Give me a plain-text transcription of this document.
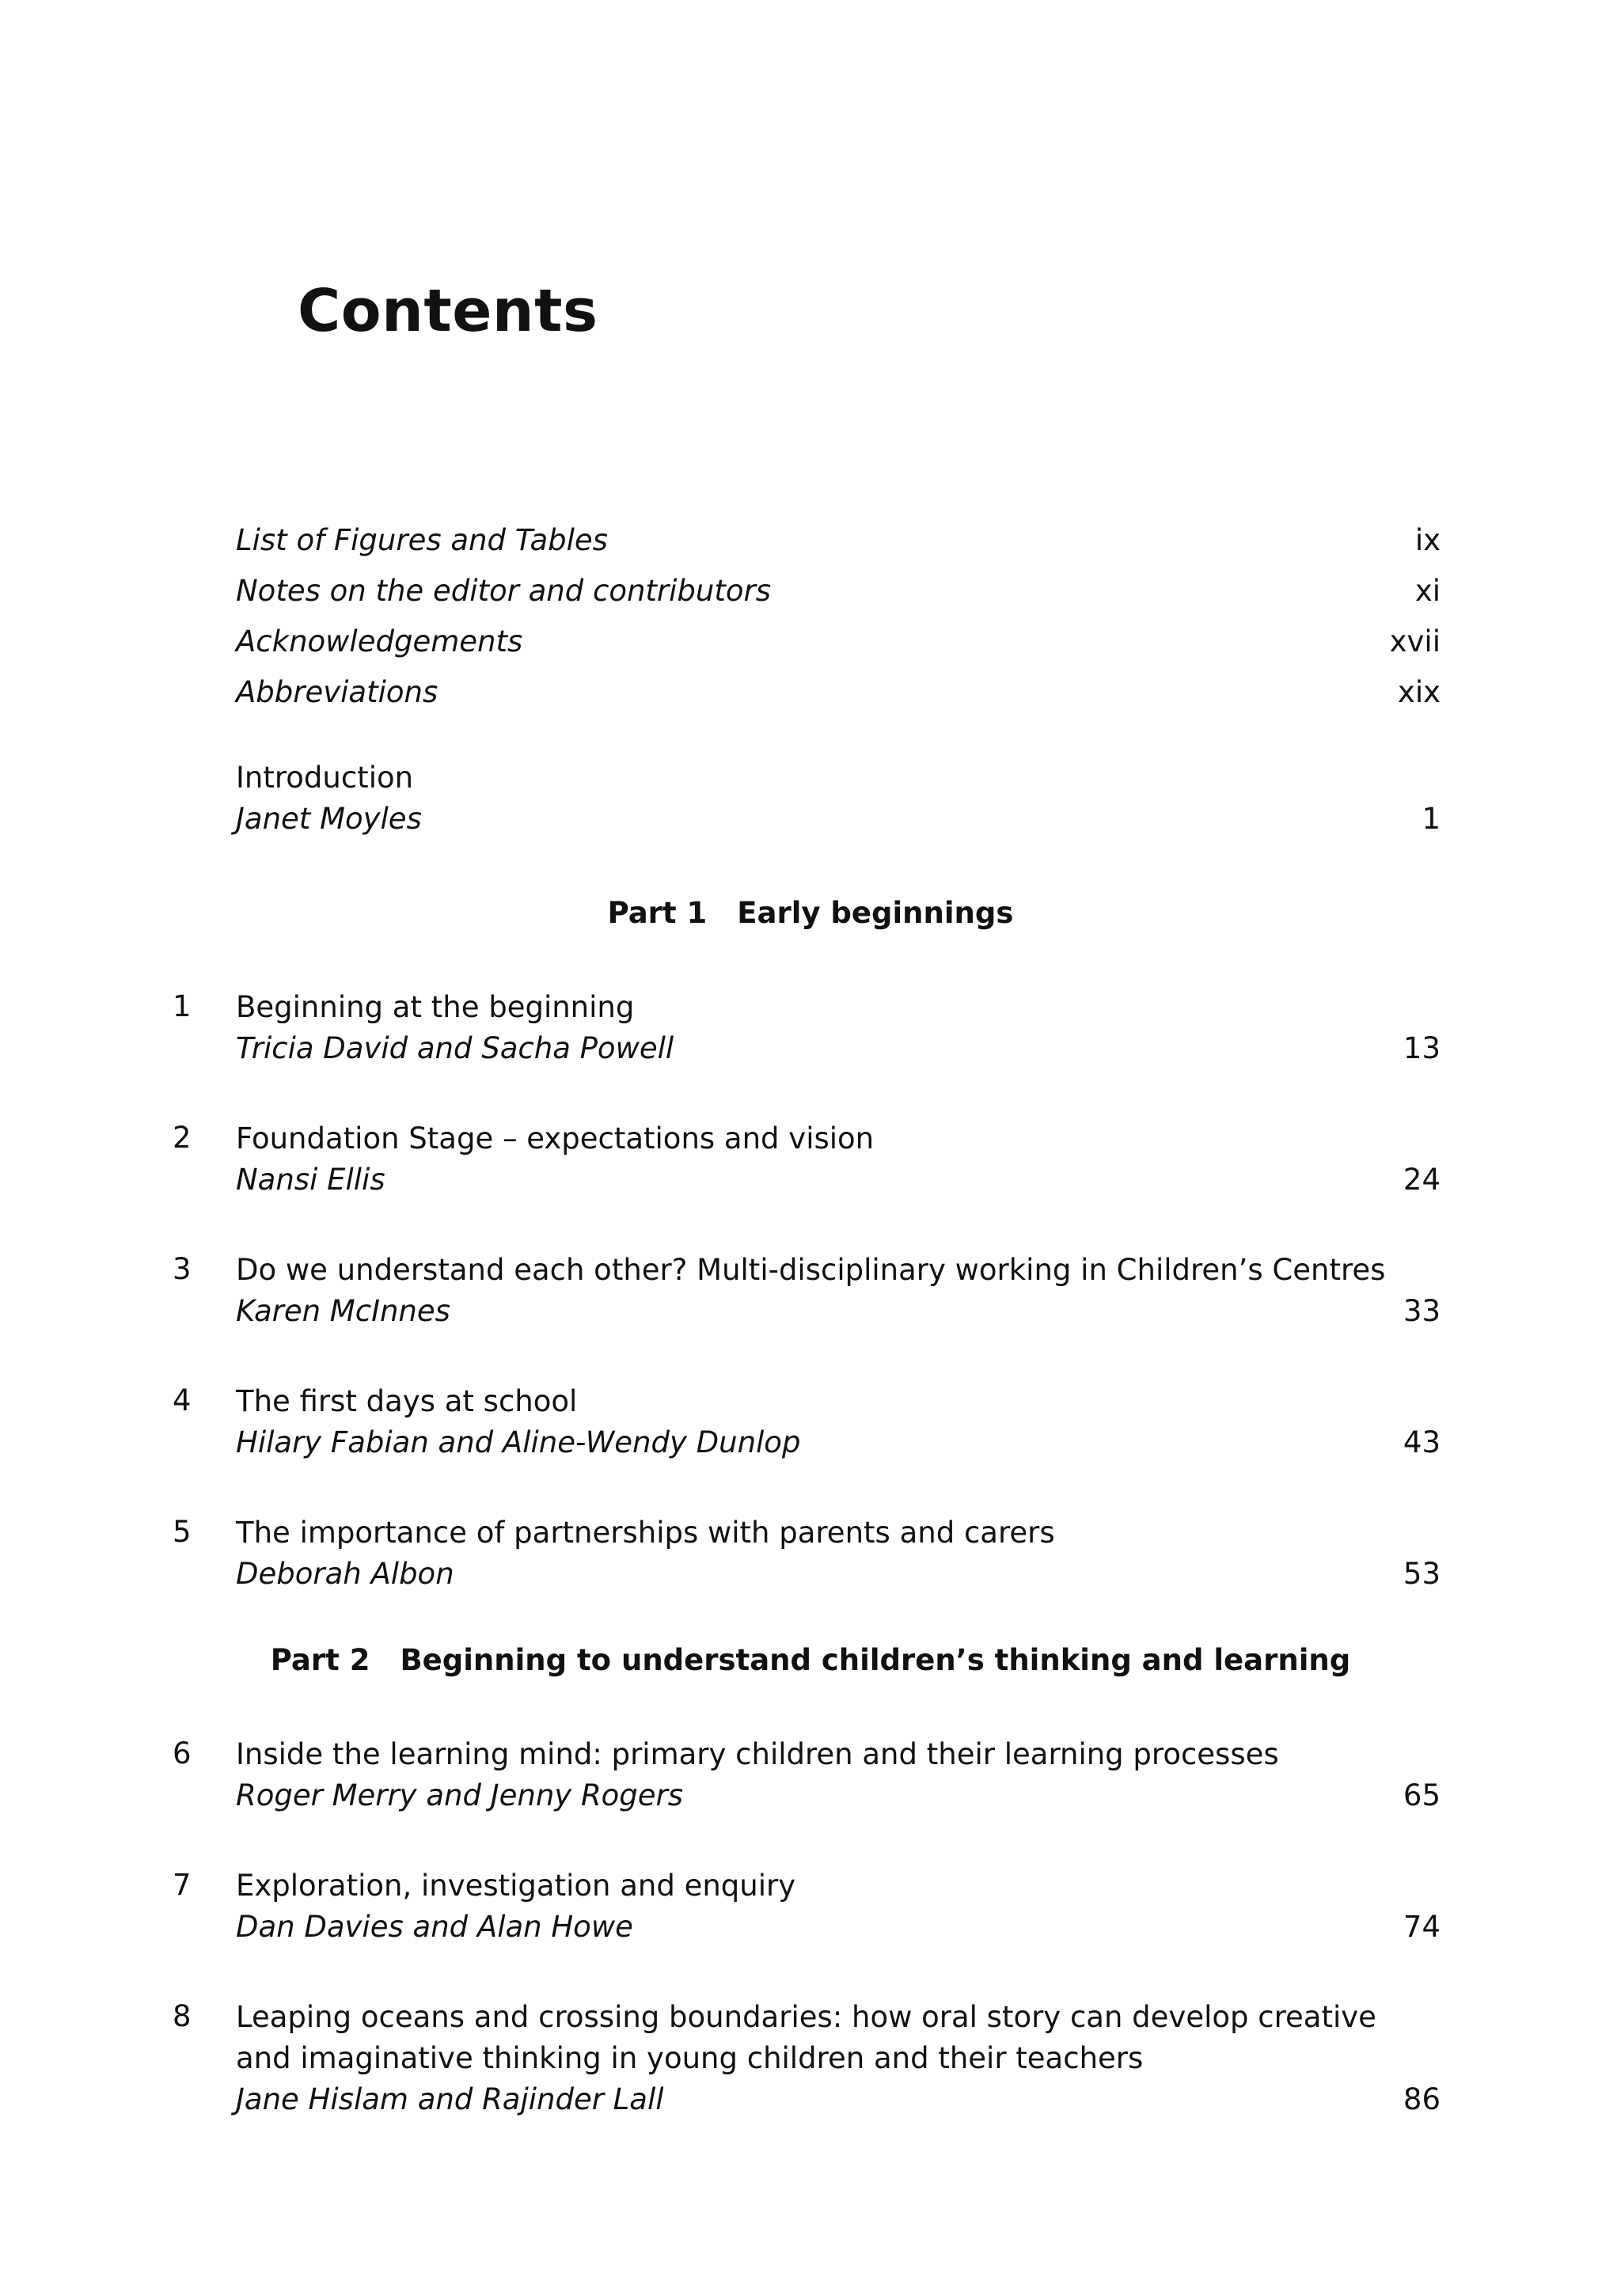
Contents
List of Figures and Tables	ix
Notes on the editor and contributors	xi
Acknowledgements	xvii
Abbreviations	xix
Introduction
Janet Moyles	1
Part 1 Early beginnings
1	Beginning at the beginning
Tricia David and Sacha Powell	13
2	Foundation Stage – expectations and vision
Nansi Ellis	24
3	Do we understand each other? Multi-disciplinary working in Children’s Centres
Karen McInnes	33
4	The first days at school
Hilary Fabian and Aline-Wendy Dunlop	43
5	The importance of partnerships with parents and carers
Deborah Albon	53
Part 2 Beginning to understand children’s thinking and learning
6	Inside the learning mind: primary children and their learning processes
Roger Merry and Jenny Rogers	65
7	Exploration, investigation and enquiry
Dan Davies and Alan Howe	74
8	Leaping oceans and crossing boundaries: how oral story can develop creative
and imaginative thinking in young children and their teachers
Jane Hislam and Rajinder Lall	86
